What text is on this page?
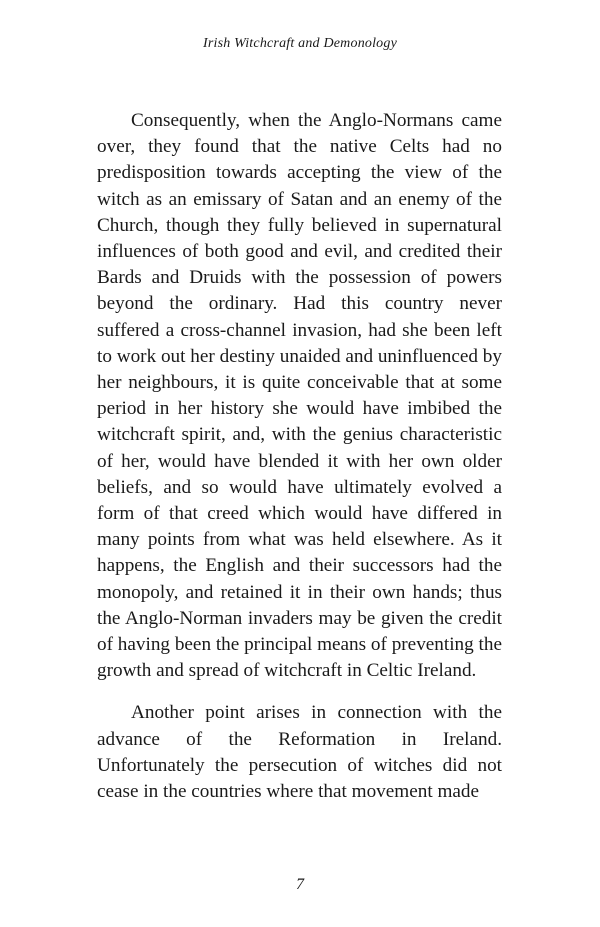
Irish Witchcraft and Demonology

Consequently, when the Anglo-Normans came over, they found that the native Celts had no predisposition towards accepting the view of the witch as an emissary of Satan and an enemy of the Church, though they fully believed in supernatural influences of both good and evil, and credited their Bards and Druids with the possession of powers beyond the ordinary. Had this country never suffered a cross-channel invasion, had she been left to work out her destiny unaided and uninfluenced by her neighbours, it is quite conceivable that at some period in her history she would have imbibed the witchcraft spirit, and, with the genius characteristic of her, would have blended it with her own older beliefs, and so would have ultimately evolved a form of that creed which would have differed in many points from what was held elsewhere. As it happens, the English and their successors had the monopoly, and retained it in their own hands; thus the Anglo-Norman invaders may be given the credit of having been the principal means of preventing the growth and spread of witchcraft in Celtic Ireland.

Another point arises in connection with the advance of the Reformation in Ireland. Unfortunately the persecution of witches did not cease in the countries where that movement made

7
